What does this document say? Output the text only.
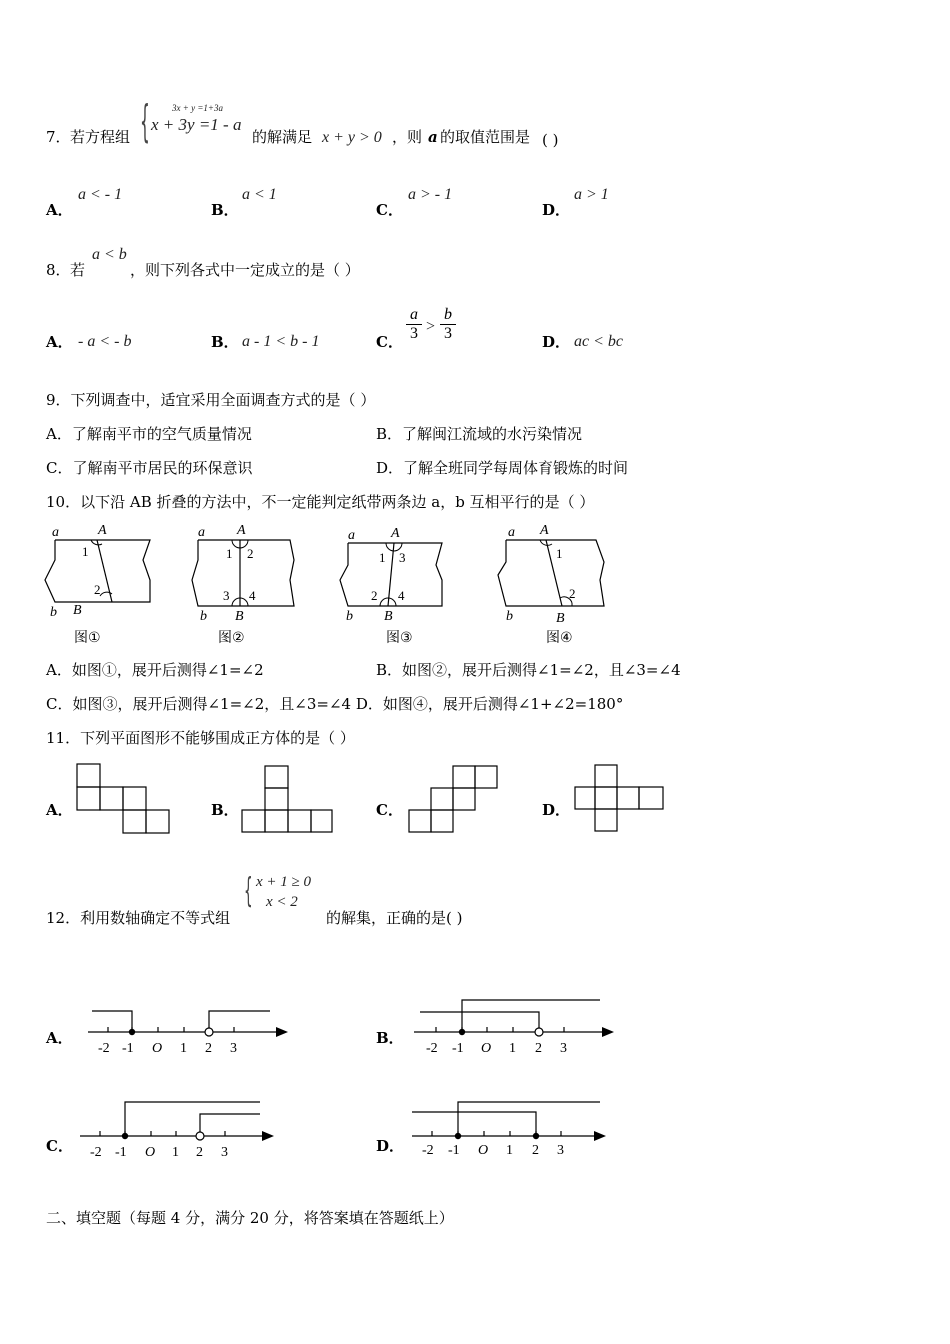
7． 若方程组 { 3x + y =1+3a
x + 3y =1 - a
的解满足 x + y > 0 ，则 a 的取值范围是 ( )
A．
a < - 1
B．
a < 1
C．
a > - 1
D．
a > 1
8． 若
a < b
，则下列各式中一定成立的是（ ）
A． - a < - b	B． a - 1 < b - 1	C． $\frac{a}{3} > \frac{b}{3}$	D． ac < bc
9．下列调查中，适宜采用全面调查方式的是（ ）
A．了解南平市的空气质量情况	B．了解闽江流域的水污染情况
C．了解南平市居民的环保意识	D．了解全班同学每周体育锻炼的时间
10．以下沿 AB 折叠的方法中，不一定能判定纸带两条边 a，b 互相平行的是（ ）
a	A
1
2
b B
图①
a A
1 2
3 4
b B
图②
a	A
1 3
2 4
b B
图③
a A
1
2
b	B
图④
A．如图①，展开后测得∠1=∠2	B．如图②，展开后测得∠1=∠2，且∠3=∠4
C．如图③，展开后测得∠1=∠2，且∠3=∠4 D．如图④，展开后测得∠1+∠2=180°
11．下列平面图形不能够围成正方体的是（ ）
A．	B．	C．	D．
{ x + 1 ≥ 0
x < 2
12．利用数轴确定不等式组	的解集，正确的是( )
A．	B．
C．	D．
-2 -1 O 1 2 3	-2 -1 O 1 2 3
-2 -1 O 1 2 3	-2 -1 O 1 2 3
二、填空题（每题 4 分，满分 20 分，将答案填在答题纸上）
